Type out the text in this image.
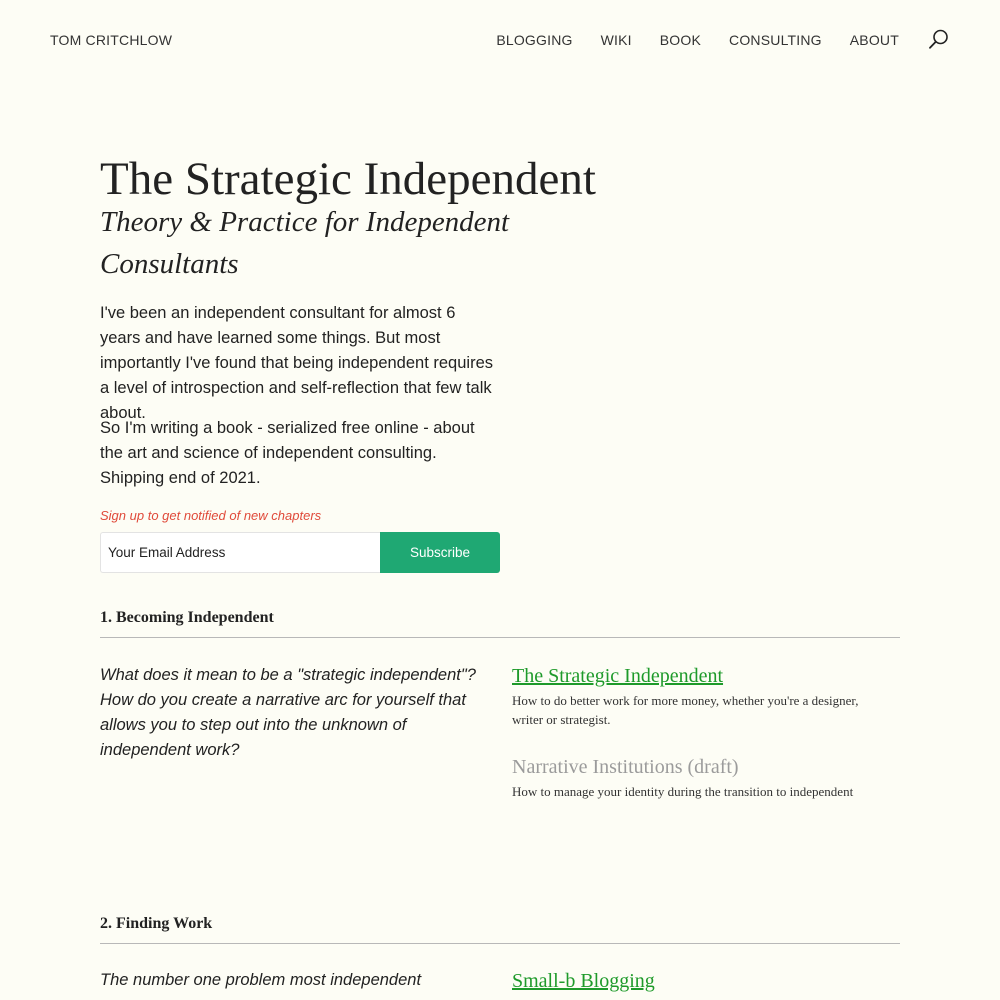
TOM CRITCHLOW	BLOGGING WIKI BOOK CONSULTING ABOUT
The Strategic Independent
Theory & Practice for Independent Consultants

I've been an independent consultant for almost 6 years and have learned some things. But most importantly I've found that being independent requires a level of introspection and self-reflection that few talk about.

So I'm writing a book - serialized free online - about the art and science of independent consulting. Shipping end of 2021.

Sign up to get notified of new chapters
Your Email Address
Subscribe
1. Becoming Independent

What does it mean to be a "strategic independent"? How do you create a narrative arc for yourself that allows you to step out into the unknown of independent work?

The Strategic Independent
How to do better work for more money, whether you're a designer, writer or strategist.
Narrative Institutions (draft)
How to manage your identity during the transition to independent
2. Finding Work

The number one problem most independent	Small-b Blogging
